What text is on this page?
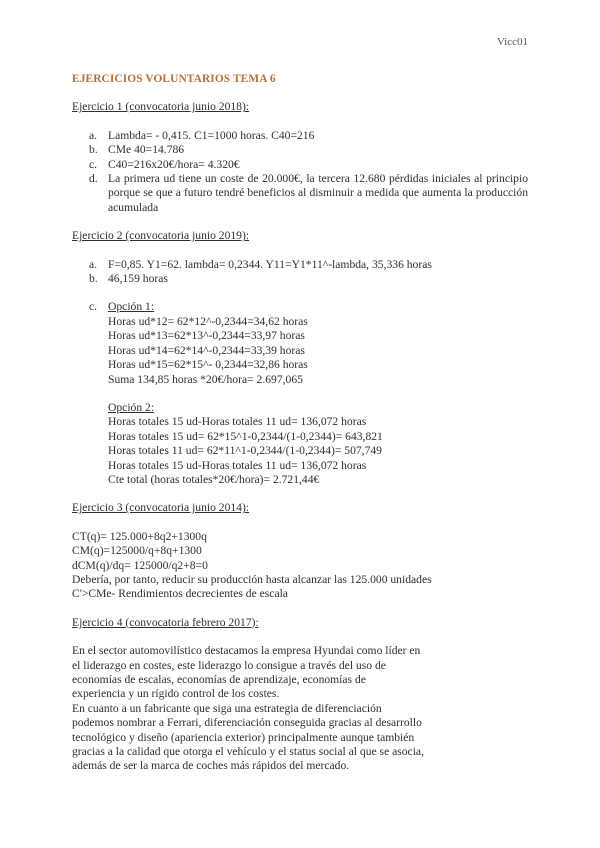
Vicc01
EJERCICIOS VOLUNTARIOS TEMA 6
Ejercicio 1 (convocatoria junio 2018):
a. Lambda= - 0,415. C1=1000 horas. C40=216
b. CMe 40=14.786
c. C40=216x20€/hora= 4.320€
d. La primera ud tiene un coste de 20.000€, la tercera 12.680 pérdidas iniciales al principio porque se que a futuro tendré beneficios al disminuir a medida que aumenta la producción acumulada
Ejercicio 2 (convocatoria junio 2019):
a. F=0,85. Y1=62. lambda= 0,2344. Y11=Y1*11^-lambda, 35,336 horas
b. 46,159 horas
c. Opción 1:

Horas ud*12= 62*12^-0,2344=34,62 horas

Horas ud*13=62*13^-0,2344=33,97 horas

Horas ud*14=62*14^-0,2344=33,39 horas

Horas ud*15=62*15^- 0,2344=32,86 horas

Suma 134,85 horas *20€/hora= 2.697,065

Opción 2:

Horas totales 15 ud-Horas totales 11 ud= 136,072 horas

Horas totales 15 ud= 62*15^1-0,2344/(1-0,2344)= 643,821

Horas totales 11 ud= 62*11^1-0,2344/(1-0,2344)= 507,749

Horas totales 15 ud-Horas totales 11 ud= 136,072 horas

Cte total (horas totales*20€/hora)= 2.721,44€

Ejercicio 3 (convocatoria junio 2014):

CT(q)= 125.000+8q2+1300q

CM(q)=125000/q+8q+1300

dCM(q)/dq= 125000/q2+8=0

Debería, por tanto, reducir su producción hasta alcanzar las 125.000 unidades

C'>CMe- Rendimientos decrecientes de escala

Ejercicio 4 (convocatoria febrero 2017):

En el sector automovilístico destacamos la empresa Hyundai como líder en

el liderazgo en costes, este liderazgo lo consigue a través del uso de

economías de escalas, economías de aprendizaje, economías de

experiencia y un rígido control de los costes.

En cuanto a un fabricante que siga una estrategia de diferenciación

podemos nombrar a Ferrari, diferenciación conseguida gracias al desarrollo

tecnológico y diseño (apariencia exterior) principalmente aunque también

gracias a la calidad que otorga el vehículo y el status social al que se asocia,

además de ser la marca de coches más rápidos del mercado.
